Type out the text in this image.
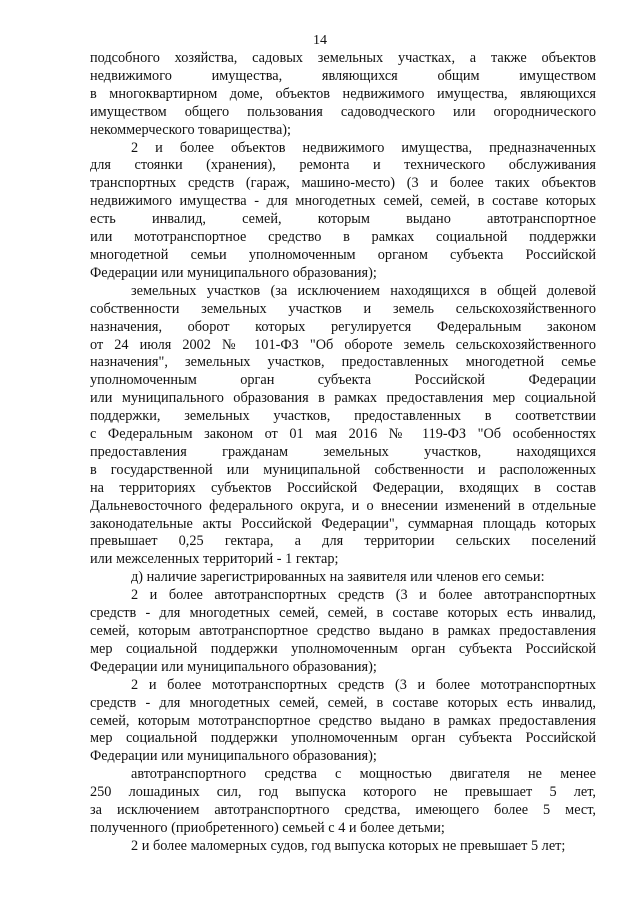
14
подсобного хозяйства, садовых земельных участках, а также объектов
недвижимого имущества, являющихся общим имуществом
в многоквартирном доме, объектов недвижимого имущества, являющихся
имуществом общего пользования садоводческого или огороднического
некоммерческого товарищества);
2 и более объектов недвижимого имущества, предназначенных
для стоянки (хранения), ремонта и технического обслуживания
транспортных средств (гараж, машино-место) (3 и более таких объектов
недвижимого имущества - для многодетных семей, семей, в составе которых
есть инвалид, семей, которым выдано автотранспортное
или мототранспортное средство в рамках социальной поддержки
многодетной семьи уполномоченным органом субъекта Российской
Федерации или муниципального образования);
земельных участков (за исключением находящихся в общей долевой
собственности земельных участков и земель сельскохозяйственного
назначения, оборот которых регулируется Федеральным законом
от 24 июля 2002 № 101-ФЗ "Об обороте земель сельскохозяйственного
назначения", земельных участков, предоставленных многодетной семье
уполномоченным орган субъекта Российской Федерации
или муниципального образования в рамках предоставления мер социальной
поддержки, земельных участков, предоставленных в соответствии
с Федеральным законом от 01 мая 2016 № 119-ФЗ "Об особенностях
предоставления гражданам земельных участков, находящихся
в государственной или муниципальной собственности и расположенных
на территориях субъектов Российской Федерации, входящих в состав
Дальневосточного федерального округа, и о внесении изменений в отдельные
законодательные акты Российской Федерации", суммарная площадь которых
превышает 0,25 гектара, а для территории сельских поселений
или межселенных территорий - 1 гектар;
д) наличие зарегистрированных на заявителя или членов его семьи:
2 и более автотранспортных средств (3 и более автотранспортных
средств - для многодетных семей, семей, в составе которых есть инвалид,
семей, которым автотранспортное средство выдано в рамках предоставления
мер социальной поддержки уполномоченным орган субъекта Российской
Федерации или муниципального образования);
2 и более мототранспортных средств (3 и более мототранспортных
средств - для многодетных семей, семей, в составе которых есть инвалид,
семей, которым мототранспортное средство выдано в рамках предоставления
мер социальной поддержки уполномоченным орган субъекта Российской
Федерации или муниципального образования);
автотранспортного средства с мощностью двигателя не менее
250 лошадиных сил, год выпуска которого не превышает 5 лет,
за исключением автотранспортного средства, имеющего более 5 мест,
полученного (приобретенного) семьей с 4 и более детьми;
2 и более маломерных судов, год выпуска которых не превышает 5 лет;
